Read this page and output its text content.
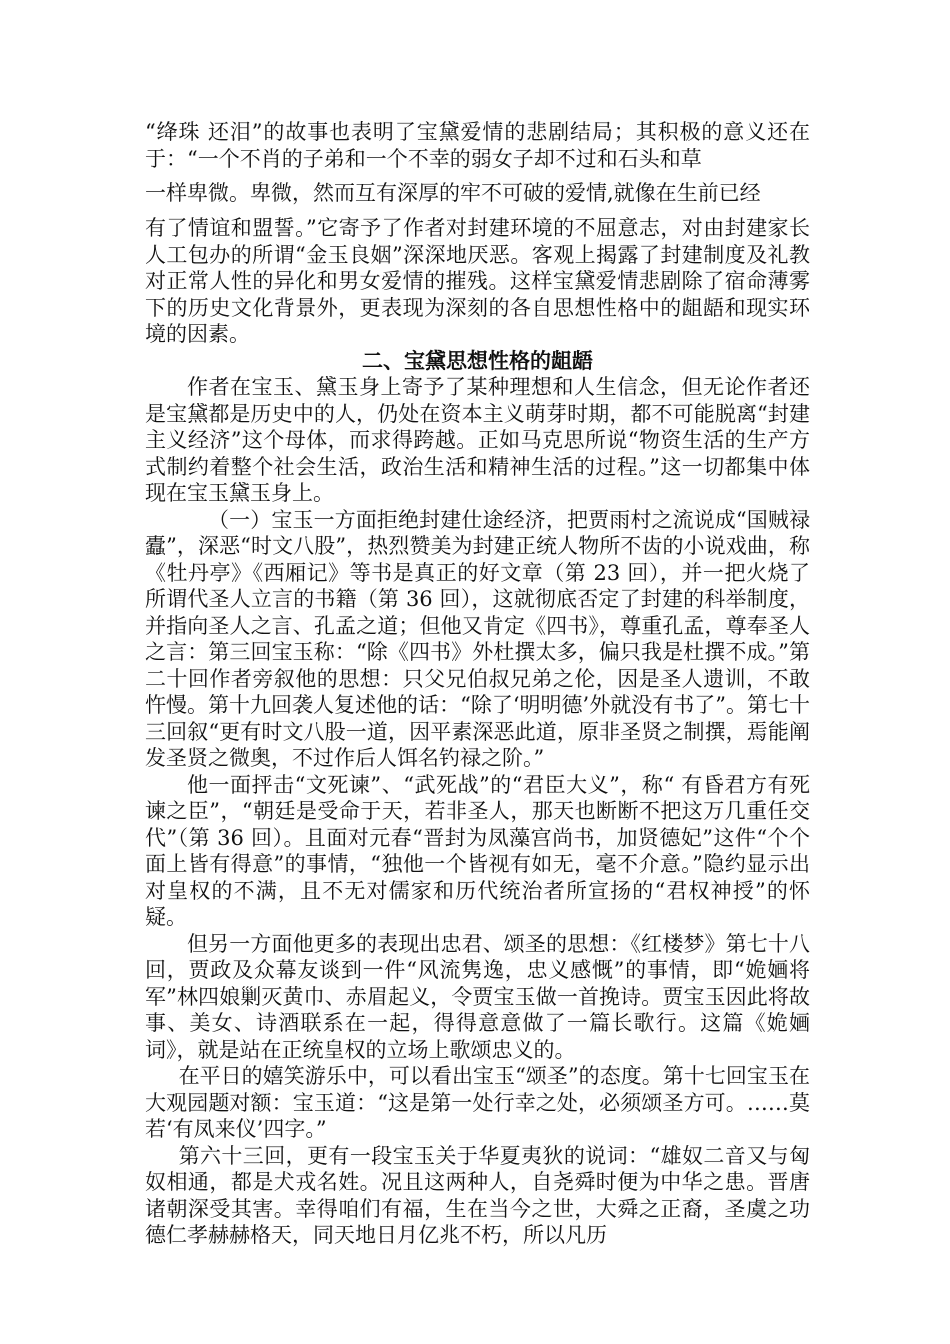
“绛珠 还泪”的故事也表明了宝黛爱情的悲剧结局；其积极的意义还在于：“一个不肖的子弟和一个不幸的弱女子却不过和石头和草

一样卑微。卑微，然而互有深厚的牢不可破的爱情,就像在生前已经

有了情谊和盟誓。”它寄予了作者对封建环境的不屈意志，对由封建家长人工包办的所谓“金玉良姻”深深地厌恶。客观上揭露了封建制度及礼教对正常人性的异化和男女爱情的摧残。这样宝黛爱情悲剧除了宿命薄雾下的历史文化背景外，更表现为深刻的各自思想性格中的龃龉和现实环境的因素。

二、宝黛思想性格的龃龉

作者在宝玉、黛玉身上寄予了某种理想和人生信念，但无论作者还是宝黛都是历史中的人，仍处在资本主义萌芽时期，都不可能脱离“封建主义经济”这个母体，而求得跨越。正如马克思所说“物资生活的生产方式制约着整个社会生活，政治生活和精神生活的过程。”这一切都集中体现在宝玉黛玉身上。

（一）宝玉一方面拒绝封建仕途经济，把贾雨村之流说成“国贼禄蠹”，深恶“时文八股”，热烈赞美为封建正统人物所不齿的小说戏曲，称《牡丹亭》《西厢记》等书是真正的好文章（第 23 回），并一把火烧了所谓代圣人立言的书籍（第 36 回），这就彻底否定了封建的科举制度，并指向圣人之言、孔孟之道；但他又肯定《四书》，尊重孔孟，尊奉圣人之言：第三回宝玉称：“除《四书》外杜撰太多，偏只我是杜撰不成。”第二十回作者旁叙他的思想：只父兄伯叔兄弟之伦，因是圣人遗训，不敢忤慢。第十九回袭人复述他的话：“除了‘明明德’外就没有书了”。第七十三回叙“更有时文八股一道，因平素深恶此道，原非圣贤之制撰，焉能阐发圣贤之微奥，不过作后人饵名钓禄之阶。”

他一面抨击“文死谏”、“武死战”的“君臣大义”，称“ 有昏君方有死谏之臣”，“朝廷是受命于天，若非圣人，那天也断断不把这万几重任交代”（第 36 回）。且面对元春“晋封为凤藻宫尚书，加贤德妃”这件“个个面上皆有得意”的事情，“独他一个皆视有如无，毫不介意。”隐约显示出对皇权的不满，且不无对儒家和历代统治者所宣扬的“君权神授”的怀疑。

但另一方面他更多的表现出忠君、颂圣的思想：《红楼梦》第七十八回，贾政及众幕友谈到一件“风流隽逸，忠义感慨”的事情，即“姽婳将军”林四娘剿灭黄巾、赤眉起义，令贾宝玉做一首挽诗。贾宝玉因此将故事、美女、诗酒联系在一起，得得意意做了一篇长歌行。这篇《姽婳词》，就是站在正统皇权的立场上歌颂忠义的。

在平日的嬉笑游乐中，可以看出宝玉“颂圣”的态度。第十七回宝玉在大观园题对额：宝玉道：“这是第一处行幸之处，必须颂圣方可。……莫若‘有凤来仪’四字。”

第六十三回，更有一段宝玉关于华夏夷狄的说词：“雄奴二音又与匈奴相通，都是犬戎名姓。况且这两种人，自尧舜时便为中华之患。晋唐诸朝深受其害。幸得咱们有福，生在当今之世，大舜之正裔，圣虞之功德仁孝赫赫格天，同天地日月亿兆不朽，所以凡历
